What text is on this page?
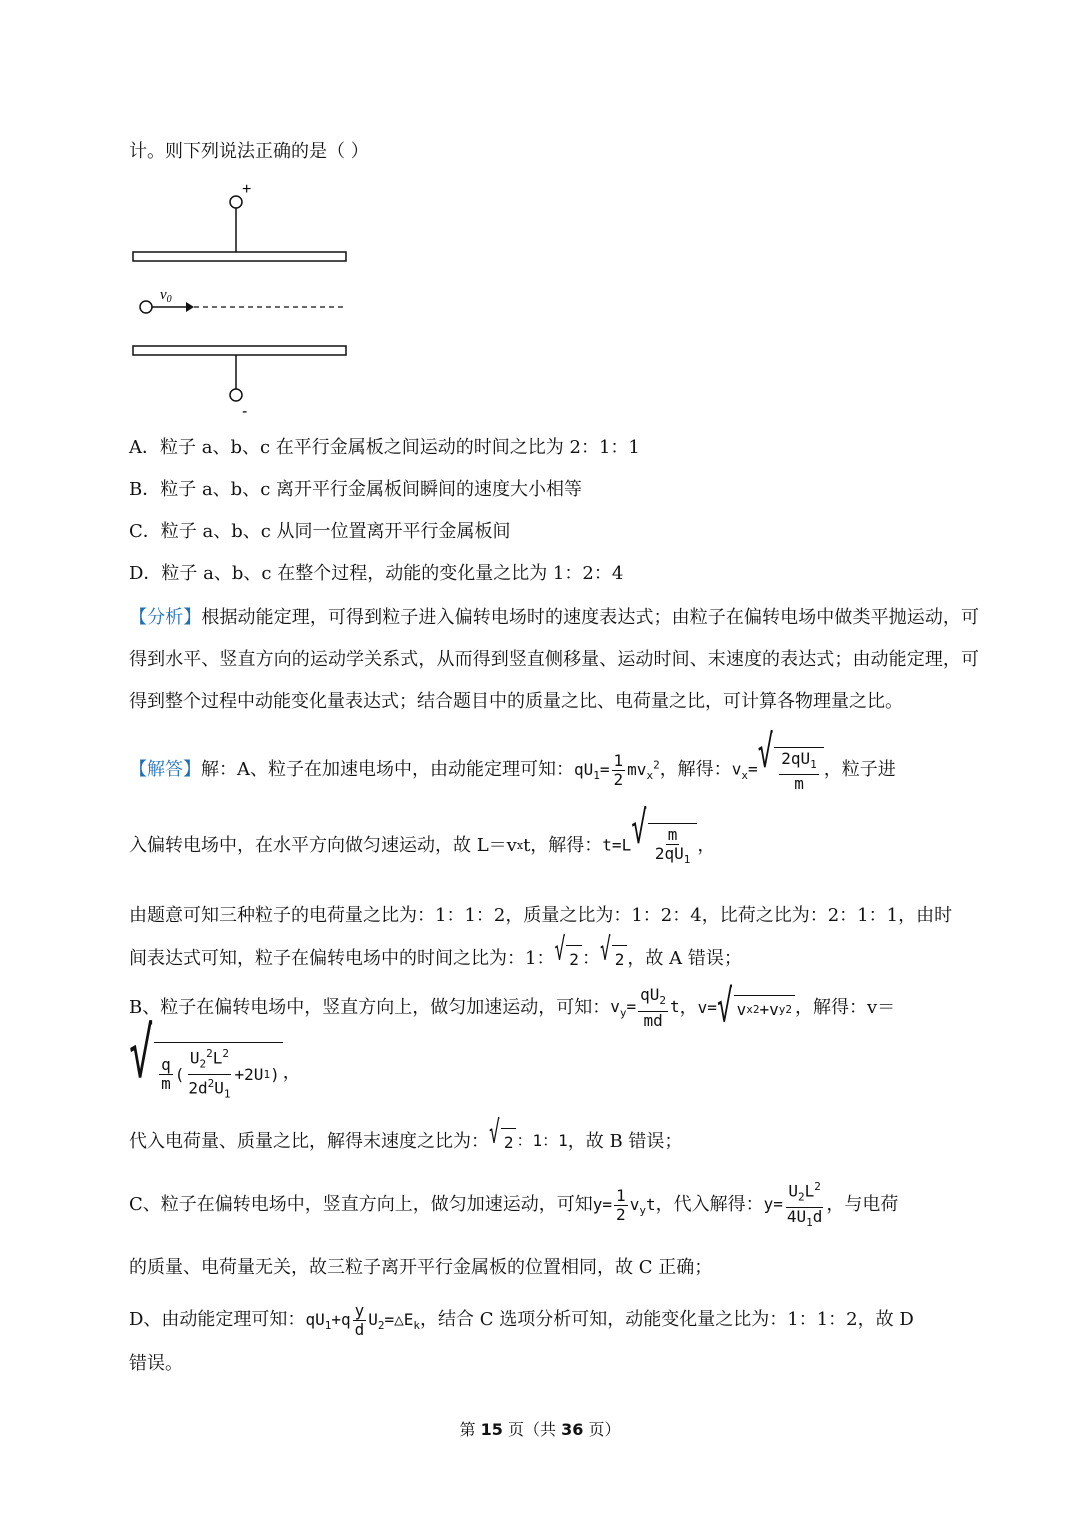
计。则下列说法正确的是（ ）
+
$v_0$
-
A．粒子 a、b、c 在平行金属板之间运动的时间之比为 2：1：1
B．粒子 a、b、c 离开平行金属板间瞬间的速度大小相等
C．粒子 a、b、c 从同一位置离开平行金属板间
D．粒子 a、b、c 在整个过程，动能的变化量之比为 1：2：4
【分析】根据动能定理，可得到粒子进入偏转电场时的速度表达式；由粒子在偏转电场中做类平抛运动，可得到水平、竖直方向的运动学关系式，从而得到竖直侧移量、运动时间、末速度的表达式；由动能定理，可得到整个过程中动能变化量表达式；结合题目中的质量之比、电荷量之比，可计算各物理量之比。
【解答】 解：A、粒子在加速电场中，由动能定理可知： $qU_1= \frac{1}{2} mv_x^2$ ，解得： $v_x=$ √ $\frac{2qU_1}{m}$ ，粒子进
入偏转电场中，在水平方向做匀速运动，故 L＝v x t，解得： t=L √ $\frac{m}{2qU_1}$ ，
由题意可知三种粒子的电荷量之比为：1：1：2，质量之比为：1：2：4，比荷之比为：2：1：1，由时
间表达式可知，粒子在偏转电场中的时间之比为：1： √ 2 ： √ 2 ，故 A 错误；
B、粒子在偏转电场中，竖直方向上，做匀加速运动，可知： $v_y= \frac{qU_2}{md}$ t ， v= √ v x 2 + v y 2 ，解得：v＝
√ $\frac{q}{m}$ ( $\frac{U_2^2L^2}{2d^2U_1} +2U$ 1 ) ，
代入电荷量、质量之比，解得末速度之比为： √ 2 ：1：1 ，故 B 错误；
C、粒子在偏转电场中，竖直方向上，做匀加速运动，可知 $y= \frac{1}{2} v_yt$ ，代入解得： $y= \frac{U_2L^2}{4U_1d}$ ，与电荷
的质量、电荷量无关，故三粒子离开平行金属板的位置相同，故 C 正确；
D、由动能定理可知： $qU_1+q \frac{y}{d}$ $U_2=\triangle E_k$ ，结合 C 选项分析可知，动能变化量之比为：1：1：2，故 D
错误。
第 15 页（共 36 页）
